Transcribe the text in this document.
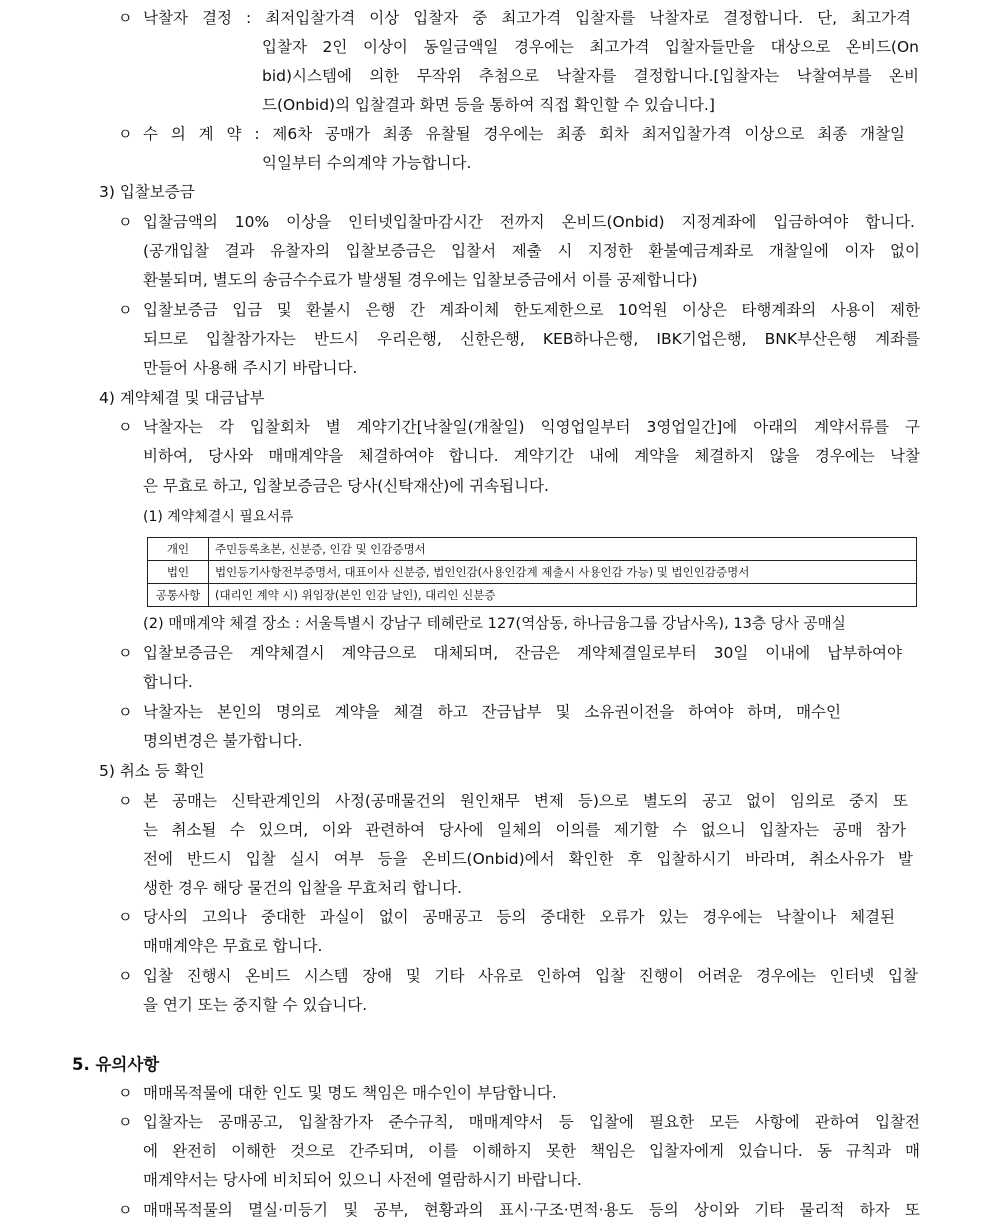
ㅇ 낙찰자 결정 : 최저입찰가격 이상 입찰자 중 최고가격 입찰자를 낙찰자로 결정합니다. 단, 최고가격
입찰자 2인 이상이 동일금액일 경우에는 최고가격 입찰자들만을 대상으로 온비드(On
bid)시스템에 의한 무작위 추첨으로 낙찰자를 결정합니다.[입찰자는 낙찰여부를 온비
드(Onbid)의 입찰결과 화면 등을 통하여 직접 확인할 수 있습니다.]
ㅇ 수 의 계 약 : 제6차 공매가 최종 유찰될 경우에는 최종 회차 최저입찰가격 이상으로 최종 개찰일
익일부터 수의계약 가능합니다.
3) 입찰보증금
ㅇ 입찰금액의 10% 이상을 인터넷입찰마감시간 전까지 온비드(Onbid) 지정계좌에 입금하여야 합니다.
(공개입찰 결과 유찰자의 입찰보증금은 입찰서 제출 시 지정한 환불예금계좌로 개찰일에 이자 없이
환불되며, 별도의 송금수수료가 발생될 경우에는 입찰보증금에서 이를 공제합니다)
ㅇ 입찰보증금 입금 및 환불시 은행 간 계좌이체 한도제한으로 10억원 이상은 타행계좌의 사용이 제한
되므로 입찰참가자는 반드시 우리은행, 신한은행, KEB하나은행, IBK기업은행, BNK부산은행 계좌를
만들어 사용해 주시기 바랍니다.
4) 계약체결 및 대금납부
ㅇ 낙찰자는 각 입찰회차 별 계약기간[낙찰일(개찰일) 익영업일부터 3영업일간]에 아래의 계약서류를 구
비하여, 당사와 매매계약을 체결하여야 합니다. 계약기간 내에 계약을 체결하지 않을 경우에는 낙찰
은 무효로 하고, 입찰보증금은 당사(신탁재산)에 귀속됩니다.
(1) 계약체결시 필요서류
개인	주민등록초본, 신분증, 인감 및 인감증명서
법인	법인등기사항전부증명서, 대표이사 신분증, 법인인감(사용인감계 제출시 사용인감 가능) 및 법인인감증명서
공통사항	(대리인 계약 시) 위임장(본인 인감 날인), 대리인 신분증
(2) 매매계약 체결 장소 : 서울특별시 강남구 테헤란로 127(역삼동, 하나금융그룹 강남사옥), 13층 당사 공매실
ㅇ 입찰보증금은 계약체결시 계약금으로 대체되며, 잔금은 계약체결일로부터 30일 이내에 납부하여야
합니다.
ㅇ 낙찰자는 본인의 명의로 계약을 체결 하고 잔금납부 및 소유권이전을 하여야 하며, 매수인
명의변경은 불가합니다.
5) 취소 등 확인
ㅇ 본 공매는 신탁관계인의 사정(공매물건의 원인채무 변제 등)으로 별도의 공고 없이 임의로 중지 또
는 취소될 수 있으며, 이와 관련하여 당사에 일체의 이의를 제기할 수 없으니 입찰자는 공매 참가
전에 반드시 입찰 실시 여부 등을 온비드(Onbid)에서 확인한 후 입찰하시기 바라며, 취소사유가 발
생한 경우 해당 물건의 입찰을 무효처리 합니다.
ㅇ 당사의 고의나 중대한 과실이 없이 공매공고 등의 중대한 오류가 있는 경우에는 낙찰이나 체결된
매매계약은 무효로 합니다.
ㅇ 입찰 진행시 온비드 시스템 장애 및 기타 사유로 인하여 입찰 진행이 어려운 경우에는 인터넷 입찰
을 연기 또는 중지할 수 있습니다.
5. 유의사항
ㅇ 매매목적물에 대한 인도 및 명도 책임은 매수인이 부담합니다.
ㅇ 입찰자는 공매공고, 입찰참가자 준수규칙, 매매계약서 등 입찰에 필요한 모든 사항에 관하여 입찰전
에 완전히 이해한 것으로 간주되며, 이를 이해하지 못한 책임은 입찰자에게 있습니다. 동 규칙과 매
매계약서는 당사에 비치되어 있으니 사전에 열람하시기 바랍니다.
ㅇ 매매목적물의 멸실·미등기 및 공부, 현황과의 표시·구조·면적·용도 등의 상이와 기타 물리적 하자 또
